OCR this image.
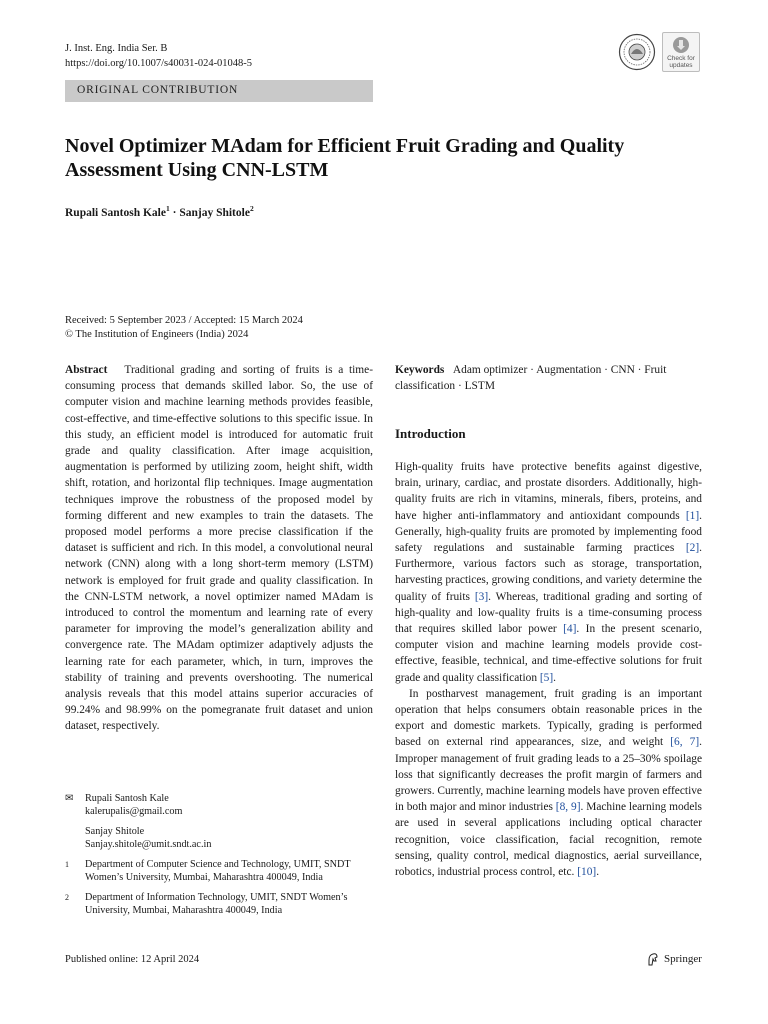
J. Inst. Eng. India Ser. B
https://doi.org/10.1007/s40031-024-01048-5	Check for
updates
ORIGINAL CONTRIBUTION
Novel Optimizer MAdam for Efficient Fruit Grading and Quality Assessment Using CNN-LSTM
Rupali Santosh Kale$^1$ · Sanjay Shitole$^2$
Received: 5 September 2023 / Accepted: 15 March 2024
© The Institution of Engineers (India) 2024
Abstract Traditional grading and sorting of fruits is a time-consuming process that demands skilled labor. So, the use of computer vision and machine learning methods provides feasible, cost-effective, and time-effective solutions to this specific issue. In this study, an efficient model is introduced for automatic fruit grade and quality classification. After image acquisition, augmentation is performed by utilizing zoom, height shift, width shift, rotation, and horizontal flip techniques. Image augmentation techniques improve the robustness of the proposed model by forming different and new examples to train the datasets. The proposed model performs a more precise classification if the dataset is sufficient and rich. In this model, a convolutional neural network (CNN) along with a long short-term memory (LSTM) network is employed for fruit grade and quality classification. In the CNN-LSTM network, a novel optimizer named MAdam is introduced to control the momentum and learning rate of every parameter for improving the model’s generalization ability and convergence rate. The MAdam optimizer adaptively adjusts the learning rate for each parameter, which, in turn, improves the stability of training and prevents overshooting. The numerical analysis reveals that this model attains superior accuracies of 99.24% and 98.99% on the pomegranate fruit dataset and union dataset, respectively.
Keywords Adam optimizer · Augmentation · CNN · Fruit classification · LSTM
Introduction

High-quality fruits have protective benefits against digestive, brain, urinary, cardiac, and prostate disorders. Additionally, high-quality fruits are rich in vitamins, minerals, fibers, proteins, and have higher anti-inflammatory and antioxidant compounds [1]. Generally, high-quality fruits are promoted by implementing food safety regulations and sustainable farming practices [2]. Furthermore, various factors such as storage, transportation, harvesting practices, growing conditions, and variety determine the quality of fruits [3]. Whereas, traditional grading and sorting of high-quality and low-quality fruits is a time-consuming process that requires skilled labor power [4]. In the present scenario, computer vision and machine learning models provide cost-effective, feasible, technical, and time-effective solutions for fruit grade and quality classification [5].

In postharvest management, fruit grading is an important operation that helps consumers obtain reasonable prices in the export and domestic markets. Typically, grading is performed based on external rind appearances, size, and weight [6, 7]. Improper management of fruit grading leads to a 25–30% spoilage loss that significantly decreases the profit margin of farmers and growers. Currently, machine learning models have proven effective in both major and minor industries [8, 9]. Machine learning models are used in several applications including optical character recognition, voice classification, facial recognition, remote sensing, quality control, medical diagnostics, aerial surveillance, robotics, industrial process control, etc. [10].

✉	Rupali Santosh Kale
kalerupalis@gmail.com
Sanjay Shitole
Sanjay.shitole@umit.sndt.ac.in
1	Department of Computer Science and Technology, UMIT, SNDT Women’s University, Mumbai, Maharashtra 400049, India
2	Department of Information Technology, UMIT, SNDT Women’s University, Mumbai, Maharashtra 400049, India
Published online: 12 April 2024	Springer
